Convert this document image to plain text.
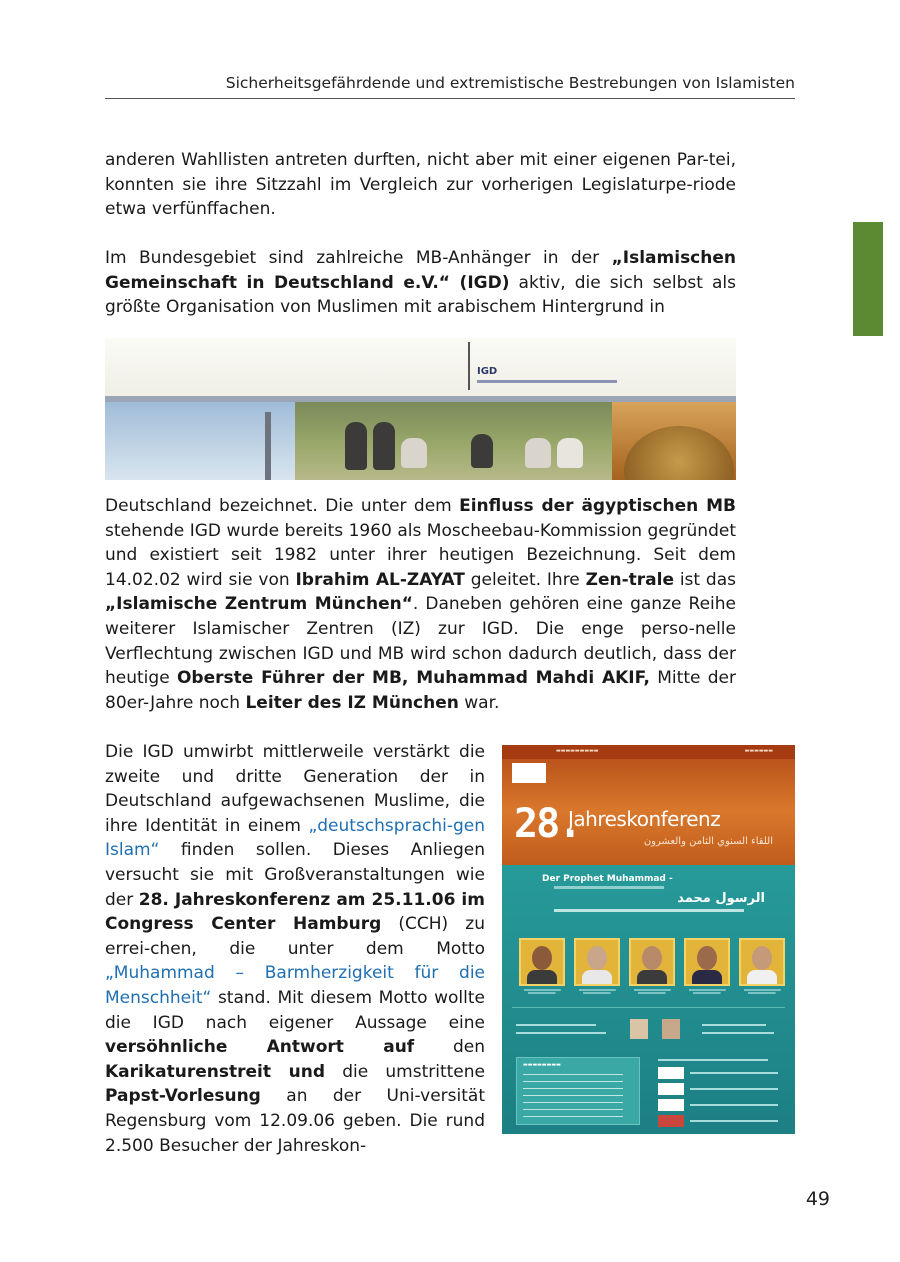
Sicherheitsgefährdende und extremistische Bestrebungen von Islamisten
anderen Wahllisten antreten durften, nicht aber mit einer eigenen Par-tei, konnten sie ihre Sitzzahl im Vergleich zur vorherigen Legislaturpe-riode etwa verfünffachen.
Im Bundesgebiet sind zahlreiche MB-Anhänger in der „Islamischen Gemeinschaft in Deutschland e.V.“ (IGD) aktiv, die sich selbst als größte Organisation von Muslimen mit arabischem Hintergrund in
IGD
Deutschland bezeichnet. Die unter dem Einfluss der ägyptischen MB stehende IGD wurde bereits 1960 als Moscheebau-Kommission gegründet und existiert seit 1982 unter ihrer heutigen Bezeichnung. Seit dem 14.02.02 wird sie von Ibrahim AL-ZAYAT geleitet. Ihre Zen-trale ist das „Islamische Zentrum München“. Daneben gehören eine ganze Reihe weiterer Islamischer Zentren (IZ) zur IGD. Die enge perso-nelle Verflechtung zwischen IGD und MB wird schon dadurch deutlich, dass der heutige Oberste Führer der MB, Muhammad Mahdi AKIF, Mitte der 80er-Jahre noch Leiter des IZ München war.
Die IGD umwirbt mittlerweile verstärkt die zweite und dritte Generation der in Deutschland aufgewachsenen Muslime, die ihre Identität in einem „deutschsprachi-gen Islam“ finden sollen. Dieses Anliegen versucht sie mit Großveranstaltungen wie der 28. Jahreskonferenz am 25.11.06 im Congress Center Hamburg (CCH) zu errei-chen, die unter dem Motto „Muhammad – Barmherzigkeit für die Menschheit“ stand. Mit diesem Motto wollte die IGD nach eigener Aussage eine versöhnliche Antwort auf den Karikaturenstreit und die umstrittene Papst-Vorlesung an der Uni-versität Regensburg vom 12.09.06 geben. Die rund 2.500 Besucher der Jahreskon-
▬▬▬▬▬▬▬▬▬	▬▬▬▬▬▬
28.
Jahreskonferenz
اللقاء السنوي الثامن والعشرون
Der Prophet Muhammad -
الرسول محمد
▬▬▬▬▬▬▬▬
49
